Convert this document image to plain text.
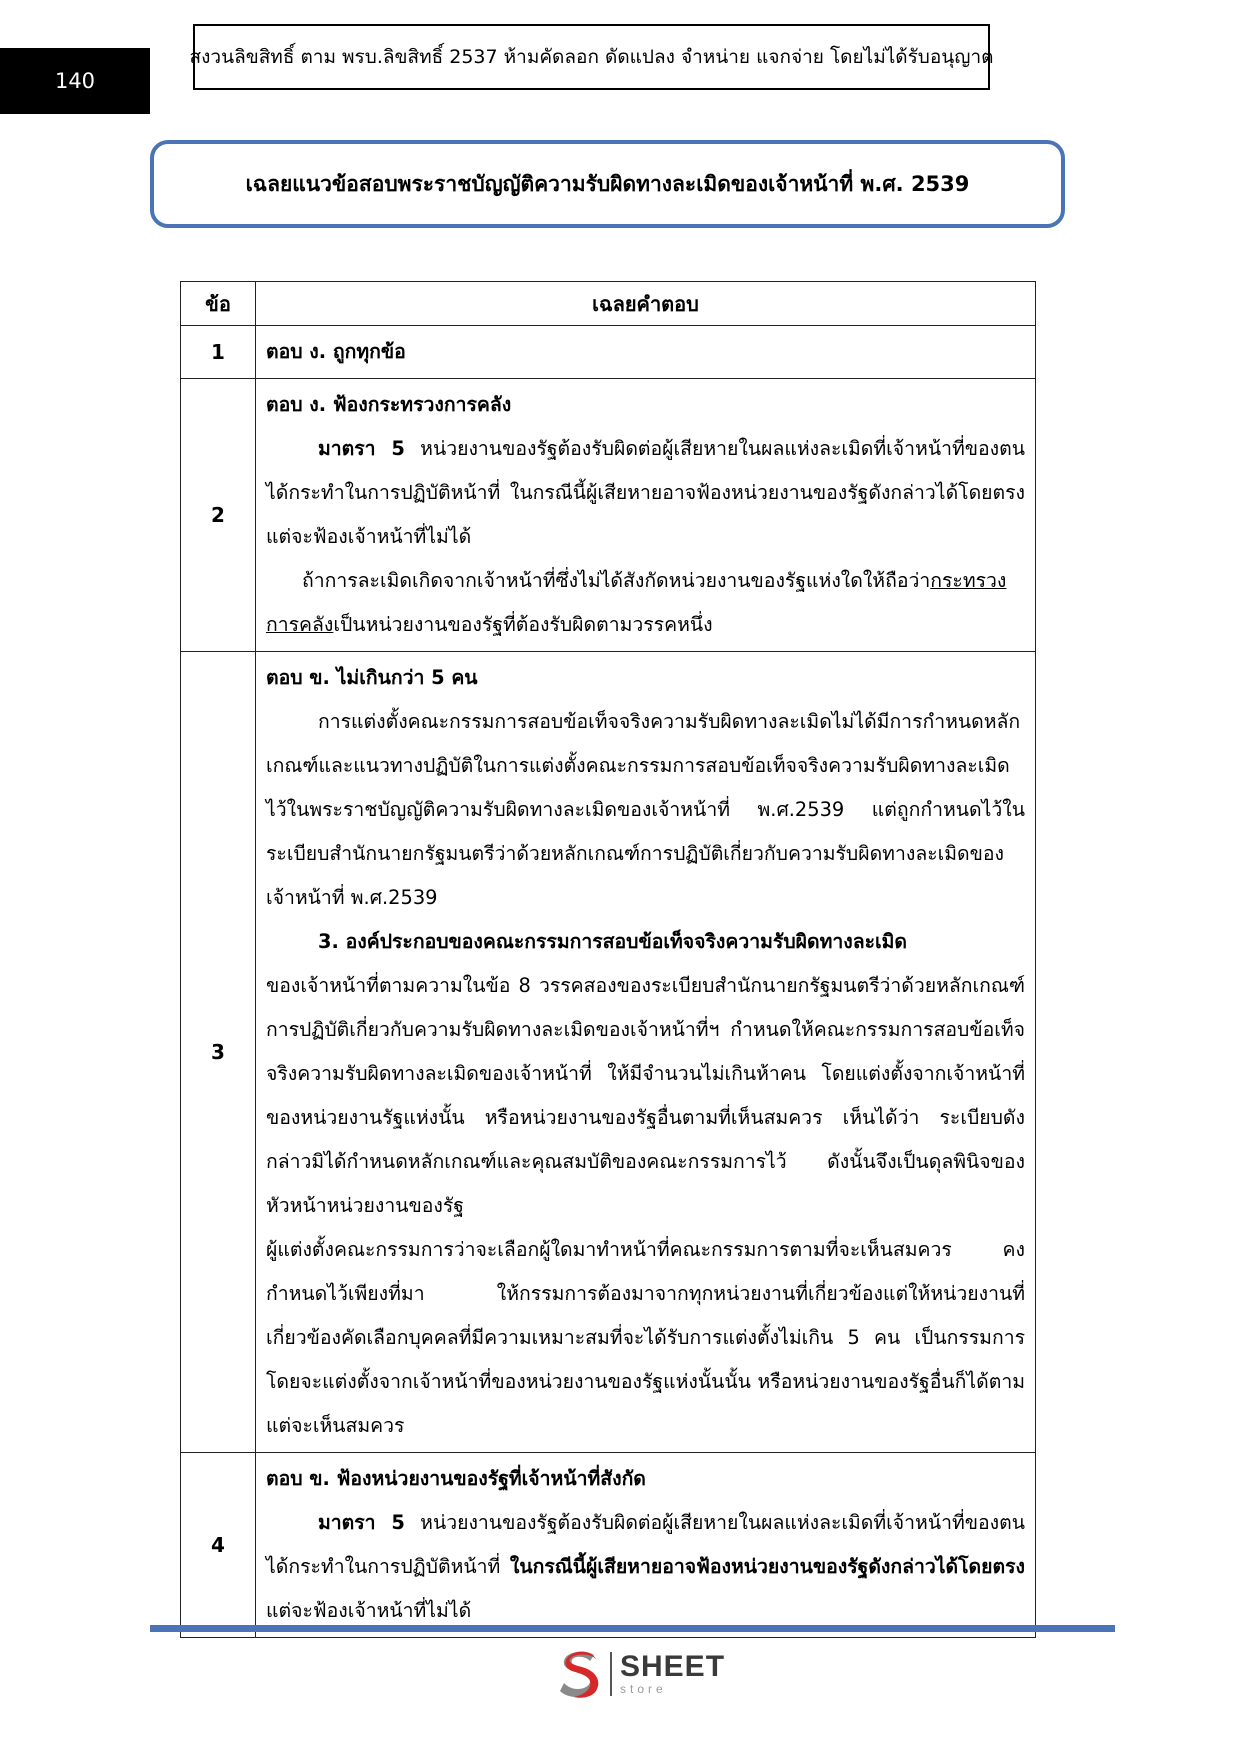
140
สงวนลิขสิทธิ์ ตาม พรบ.ลิขสิทธิ์ 2537 ห้ามคัดลอก ดัดแปลง จำหน่าย แจกจ่าย โดยไม่ได้รับอนุญาต
เฉลยแนวข้อสอบพระราชบัญญัติความรับผิดทางละเมิดของเจ้าหน้าที่ พ.ศ. 2539
ข้อ	เฉลยคำตอบ
1	ตอบ ง. ถูกทุกข้อ

2	ตอบ ง. ฟ้องกระทรวงการคลัง
มาตรา 5 หน่วยงานของรัฐต้องรับผิดต่อผู้เสียหายในผลแห่งละเมิดที่เจ้าหน้าที่ของตนได้กระทำในการปฏิบัติหน้าที่ ในกรณีนี้ผู้เสียหายอาจฟ้องหน่วยงานของรัฐดังกล่าวได้โดยตรง แต่จะฟ้องเจ้าหน้าที่ไม่ได้
ถ้าการละเมิดเกิดจากเจ้าหน้าที่ซึ่งไม่ได้สังกัดหน่วยงานของรัฐแห่งใดให้ถือว่ากระทรวงการคลังเป็นหน่วยงานของรัฐที่ต้องรับผิดตามวรรคหนึ่ง

3	ตอบ ข. ไม่เกินกว่า 5 คน
การแต่งตั้งคณะกรรมการสอบข้อเท็จจริงความรับผิดทางละเมิดไม่ได้มีการกำหนดหลักเกณฑ์และแนวทางปฏิบัติในการแต่งตั้งคณะกรรมการสอบข้อเท็จจริงความรับผิดทางละเมิดไว้ในพระราชบัญญัติความรับผิดทางละเมิดของเจ้าหน้าที่ พ.ศ.2539 แต่ถูกกำหนดไว้ในระเบียบสำนักนายกรัฐมนตรีว่าด้วยหลักเกณฑ์การปฏิบัติเกี่ยวกับความรับผิดทางละเมิดของเจ้าหน้าที่ พ.ศ.2539
3. องค์ประกอบของคณะกรรมการสอบข้อเท็จจริงความรับผิดทางละเมิด
ของเจ้าหน้าที่ตามความในข้อ 8 วรรคสองของระเบียบสำนักนายกรัฐมนตรีว่าด้วยหลักเกณฑ์การปฏิบัติเกี่ยวกับความรับผิดทางละเมิดของเจ้าหน้าที่ฯ กำหนดให้คณะกรรมการสอบข้อเท็จจริงความรับผิดทางละเมิดของเจ้าหน้าที่ ให้มีจำนวนไม่เกินห้าคน โดยแต่งตั้งจากเจ้าหน้าที่ของหน่วยงานรัฐแห่งนั้น หรือหน่วยงานของรัฐอื่นตามที่เห็นสมควร เห็นได้ว่า ระเบียบดังกล่าวมิได้กำหนดหลักเกณฑ์และคุณสมบัติของคณะกรรมการไว้ ดังนั้นจึงเป็นดุลพินิจของหัวหน้าหน่วยงานของรัฐ
ผู้แต่งตั้งคณะกรรมการว่าจะเลือกผู้ใดมาทำหน้าที่คณะกรรมการตามที่จะเห็นสมควร คงกำหนดไว้เพียงที่มา ให้กรรมการต้องมาจากทุกหน่วยงานที่เกี่ยวข้องแต่ให้หน่วยงานที่เกี่ยวข้องคัดเลือกบุคคลที่มีความเหมาะสมที่จะได้รับการแต่งตั้งไม่เกิน 5 คน เป็นกรรมการ โดยจะแต่งตั้งจากเจ้าหน้าที่ของหน่วยงานของรัฐแห่งนั้นนั้น หรือหน่วยงานของรัฐอื่นก็ได้ตามแต่จะเห็นสมควร

4	ตอบ ข. ฟ้องหน่วยงานของรัฐที่เจ้าหน้าที่สังกัด
มาตรา 5 หน่วยงานของรัฐต้องรับผิดต่อผู้เสียหายในผลแห่งละเมิดที่เจ้าหน้าที่ของตนได้กระทำในการปฏิบัติหน้าที่ ในกรณีนี้ผู้เสียหายอาจฟ้องหน่วยงานของรัฐดังกล่าวได้โดยตรง แต่จะฟ้องเจ้าหน้าที่ไม่ได้
SHEET
store
